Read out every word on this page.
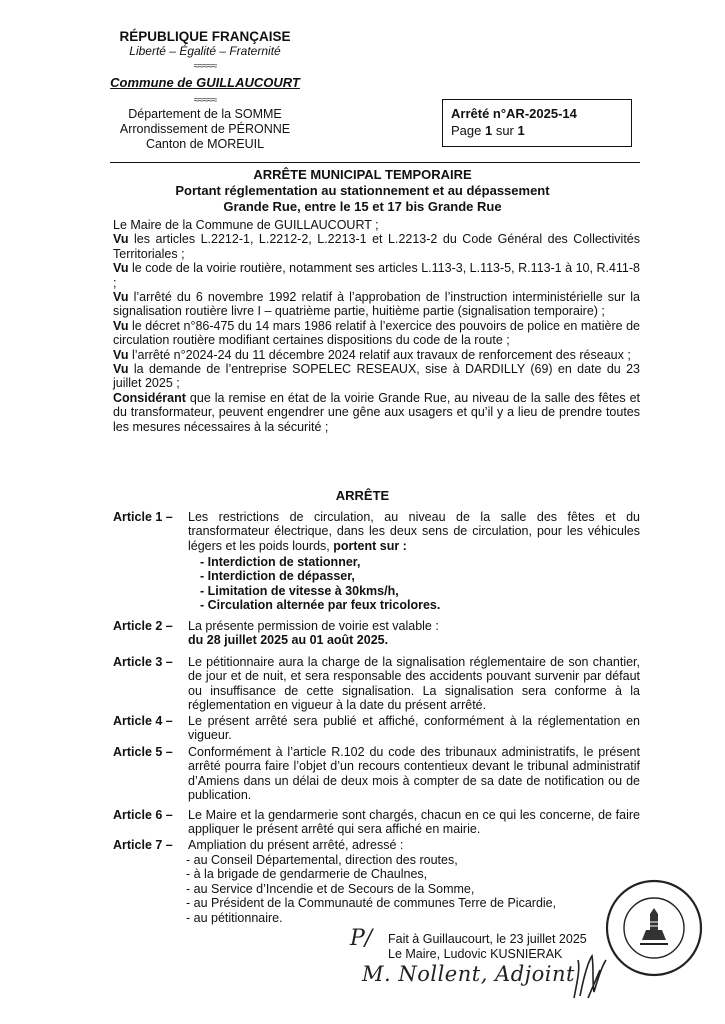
RÉPUBLIQUE FRANÇAISE
Liberté – Égalité – Fraternité
≈≈≈≈≈
Commune de GUILLAUCOURT
≈≈≈≈≈
Département de la SOMME
Arrondissement de PÉRONNE
Canton de MOREUIL
Arrêté n°AR-2025-14
Page 1 sur 1
ARRÊTE MUNICIPAL TEMPORAIRE
Portant réglementation au stationnement et au dépassement
Grande Rue, entre le 15 et 17 bis Grande Rue

Le Maire de la Commune de GUILLAUCOURT ;

Vu les articles L.2212-1, L.2212-2, L.2213-1 et L.2213-2 du Code Général des Collectivités Territoriales ;

Vu le code de la voirie routière, notamment ses articles L.113-3, L.113-5, R.113-1 à 10, R.411-8 ;

Vu l’arrêté du 6 novembre 1992 relatif à l’approbation de l’instruction interministérielle sur la signalisation routière livre I – quatrième partie, huitième partie (signalisation temporaire) ;

Vu le décret n°86-475 du 14 mars 1986 relatif à l’exercice des pouvoirs de police en matière de circulation routière modifiant certaines dispositions du code de la route ;

Vu l’arrêté n°2024-24 du 11 décembre 2024 relatif aux travaux de renforcement des réseaux ;

Vu la demande de l’entreprise SOPELEC RESEAUX, sise à DARDILLY (69) en date du 23 juillet 2025 ;

Considérant que la remise en état de la voirie Grande Rue, au niveau de la salle des fêtes et du transformateur, peuvent engendrer une gêne aux usagers et qu’il y a lieu de prendre toutes les mesures nécessaires à la sécurité ;

ARRÊTE
Article 1 –	Les restrictions de circulation, au niveau de la salle des fêtes et du transformateur électrique, dans les deux sens de circulation, pour les véhicules légers et les poids lourds, portent sur :

- Interdiction de stationner,
- Interdiction de dépasser,
- Limitation de vitesse à 30kms/h,
- Circulation alternée par feux tricolores.
Article 2 –	La présente permission de voirie est valable :

du 28 juillet 2025 au 01 août 2025.

Article 3 –	Le pétitionnaire aura la charge de la signalisation réglementaire de son chantier, de jour et de nuit, et sera responsable des accidents pouvant survenir par défaut ou insuffisance de cette signalisation. La signalisation sera conforme à la réglementation en vigueur à la date du présent arrêté.
Article 4 –	Le présent arrêté sera publié et affiché, conformément à la réglementation en vigueur.
Article 5 –	Conformément à l’article R.102 du code des tribunaux administratifs, le présent arrêté pourra faire l’objet d’un recours contentieux devant le tribunal administratif d’Amiens dans un délai de deux mois à compter de sa date de notification ou de publication.
Article 6 –	Le Maire et la gendarmerie sont chargés, chacun en ce qui les concerne, de faire appliquer le présent arrêté qui sera affiché en mairie.
Article 7 –	Ampliation du présent arrêté, adressé :
- au Conseil Départemental, direction des routes,
- à la brigade de gendarmerie de Chaulnes,
- au Service d’Incendie et de Secours de la Somme,
- au Président de la Communauté de communes Terre de Picardie,
- au pétitionnaire.
P/ Fait à Guillaucourt, le 23 juillet 2025
Le Maire, Ludovic KUSNIERAK
M. Nollent, Adjoint
